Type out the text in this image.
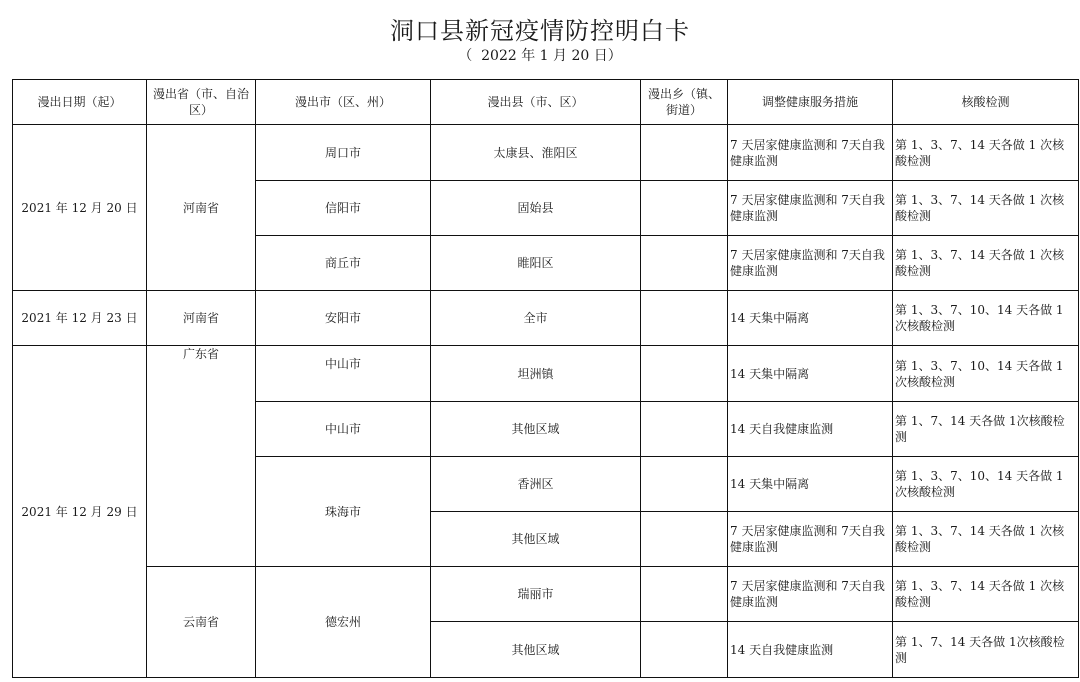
洞口县新冠疫情防控明白卡
（  2022 年 1 月 20 日）
漫出日期（起）	漫出省（市、自治区）	漫出市（区、州）	漫出县（市、区）	漫出乡（镇、街道）	调整健康服务措施	核酸检测
2021 年 12 月 20 日	河南省	周口市	太康县、淮阳区		7 天居家健康监测和 7天自我健康监测	第 1、3、7、14 天各做 1 次核酸检测
		信阳市	固始县		7 天居家健康监测和 7天自我健康监测	第 1、3、7、14 天各做 1 次核酸检测
		商丘市	睢阳区		7 天居家健康监测和 7天自我健康监测	第 1、3、7、14 天各做 1 次核酸检测
2021 年 12 月 23 日	河南省	安阳市	全市		14 天集中隔离	第 1、3、7、10、14 天各做 1 次核酸检测
2021 年 12 月 29 日	广东省	中山市	坦洲镇		14 天集中隔离	第 1、3、7、10、14 天各做 1 次核酸检测
		中山市	其他区域		14 天自我健康监测	第 1、7、14 天各做 1次核酸检测
		珠海市	香洲区		14 天集中隔离	第 1、3、7、10、14 天各做 1 次核酸检测
			其他区域		7 天居家健康监测和 7天自我健康监测	第 1、3、7、14 天各做 1 次核酸检测
	云南省	德宏州	瑞丽市		7 天居家健康监测和 7天自我健康监测	第 1、3、7、14 天各做 1 次核酸检测
			其他区域		14 天自我健康监测	第 1、7、14 天各做 1次核酸检测
